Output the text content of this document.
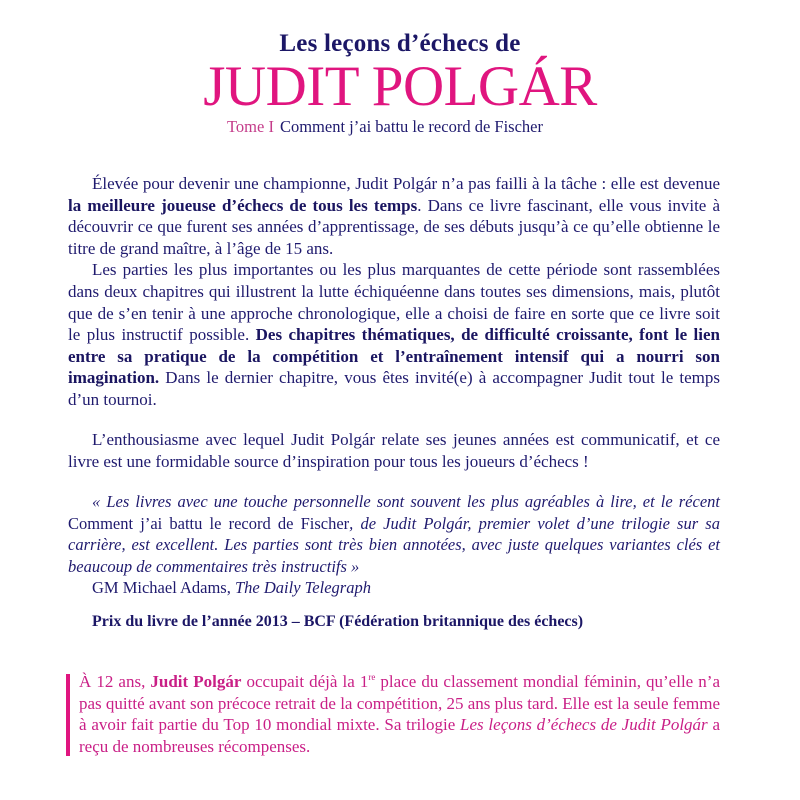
Les leçons d’échecs de
JUDIT POLGÁR
Tome I Comment j’ai battu le record de Fischer

Élevée pour devenir une championne, Judit Polgár n’a pas failli à la tâche : elle est devenue la meilleure joueuse d’échecs de tous les temps. Dans ce livre fascinant, elle vous invite à découvrir ce que furent ses années d’apprentissage, de ses débuts jusqu’à ce qu’elle obtienne le titre de grand maître, à l’âge de 15 ans.

Les parties les plus importantes ou les plus marquantes de cette période sont rassemblées dans deux chapitres qui illustrent la lutte échiquéenne dans toutes ses dimensions, mais, plutôt que de s’en tenir à une approche chronologique, elle a choisi de faire en sorte que ce livre soit le plus instructif possible. Des chapitres thématiques, de difficulté croissante, font le lien entre sa pratique de la compétition et l’entraînement intensif qui a nourri son imagination. Dans le dernier chapitre, vous êtes invité(e) à accompagner Judit tout le temps d’un tournoi.

L’enthousiasme avec lequel Judit Polgár relate ses jeunes années est communicatif, et ce livre est une formidable source d’inspiration pour tous les joueurs d’échecs !

« Les livres avec une touche personnelle sont souvent les plus agréables à lire, et le récent Comment j’ai battu le record de Fischer, de Judit Polgár, premier volet d’une trilogie sur sa carrière, est excellent. Les parties sont très bien annotées, avec juste quelques variantes clés et beaucoup de commentaires très instructifs »

GM Michael Adams, The Daily Telegraph
Prix du livre de l’année 2013 – BCF (Fédération britannique des échecs)
À 12 ans, Judit Polgár occupait déjà la 1re place du classement mondial féminin, qu’elle n’a pas quitté avant son précoce retrait de la compétition, 25 ans plus tard. Elle est la seule femme à avoir fait partie du Top 10 mondial mixte. Sa trilogie Les leçons d’échecs de Judit Polgár a reçu de nombreuses récompenses.
